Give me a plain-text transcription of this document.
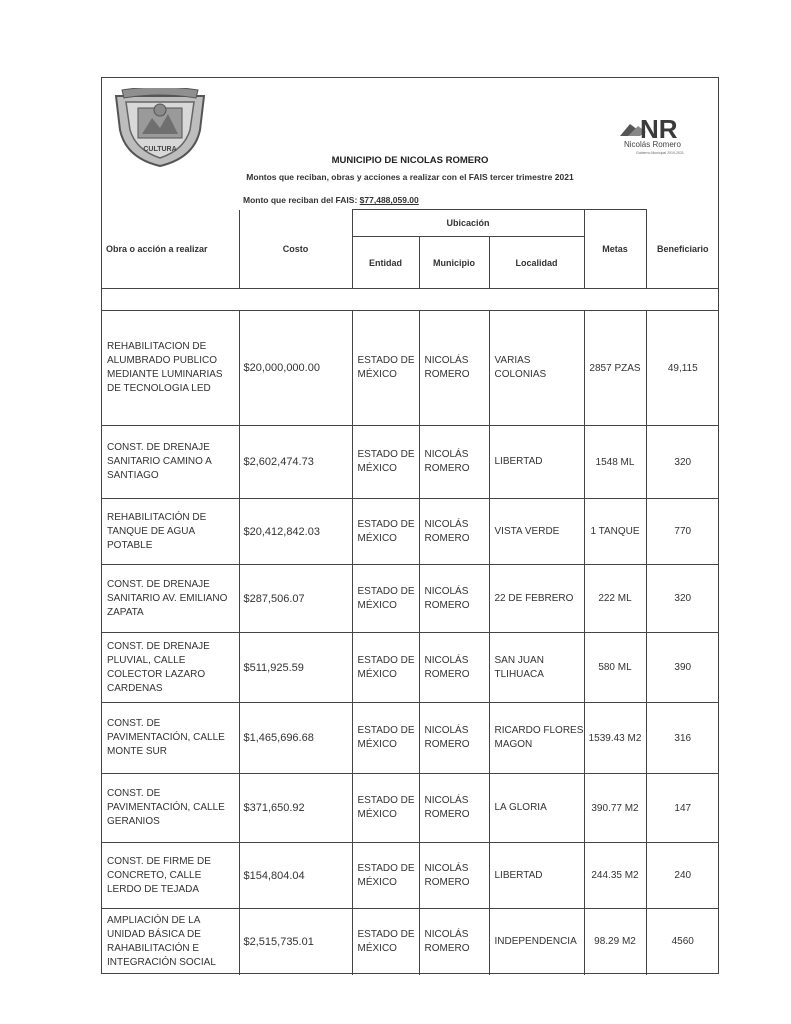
CULTURA
NR
Nicolás Romero
Gobierno Municipal 2019-2021
MUNICIPIO DE NICOLAS ROMERO
Montos que reciban, obras y acciones a realizar con el FAIS tercer trimestre 2021
Monto que reciban del FAIS: $77,488,059.00
Obra o acción a realizar	Costo	Ubicación			Metas	Beneficiario
		Entidad	Municipio	Localidad		

REHABILITACION DE ALUMBRADO PUBLICO MEDIANTE LUMINARIAS DE TECNOLOGIA LED	$20,000,000.00	ESTADO DE MÉXICO	NICOLÁS ROMERO	VARIAS COLONIAS	2857 PZAS	49,115
CONST. DE DRENAJE SANITARIO CAMINO A SANTIAGO	$2,602,474.73	ESTADO DE MÉXICO	NICOLÁS ROMERO	LIBERTAD	1548 ML	320
REHABILITACIÓN DE TANQUE DE AGUA POTABLE	$20,412,842.03	ESTADO DE MÉXICO	NICOLÁS ROMERO	VISTA VERDE	1 TANQUE	770
CONST. DE DRENAJE SANITARIO AV. EMILIANO ZAPATA	$287,506.07	ESTADO DE MÉXICO	NICOLÁS ROMERO	22 DE FEBRERO	222 ML	320
CONST. DE DRENAJE PLUVIAL, CALLE COLECTOR LAZARO CARDENAS	$511,925.59	ESTADO DE MÉXICO	NICOLÁS ROMERO	SAN JUAN TLIHUACA	580 ML	390
CONST. DE PAVIMENTACIÓN, CALLE MONTE SUR	$1,465,696.68	ESTADO DE MÉXICO	NICOLÁS ROMERO	RICARDO FLORES MAGON	1539.43 M2	316
CONST. DE PAVIMENTACIÓN, CALLE GERANIOS	$371,650.92	ESTADO DE MÉXICO	NICOLÁS ROMERO	LA GLORIA	390.77 M2	147
CONST. DE FIRME DE CONCRETO, CALLE LERDO DE TEJADA	$154,804.04	ESTADO DE MÉXICO	NICOLÁS ROMERO	LIBERTAD	244.35 M2	240
AMPLIACIÓN DE LA UNIDAD BÁSICA DE RAHABILITACIÓN E INTEGRACIÓN SOCIAL	$2,515,735.01	ESTADO DE MÉXICO	NICOLÁS ROMERO	INDEPENDENCIA	98.29 M2	4560
